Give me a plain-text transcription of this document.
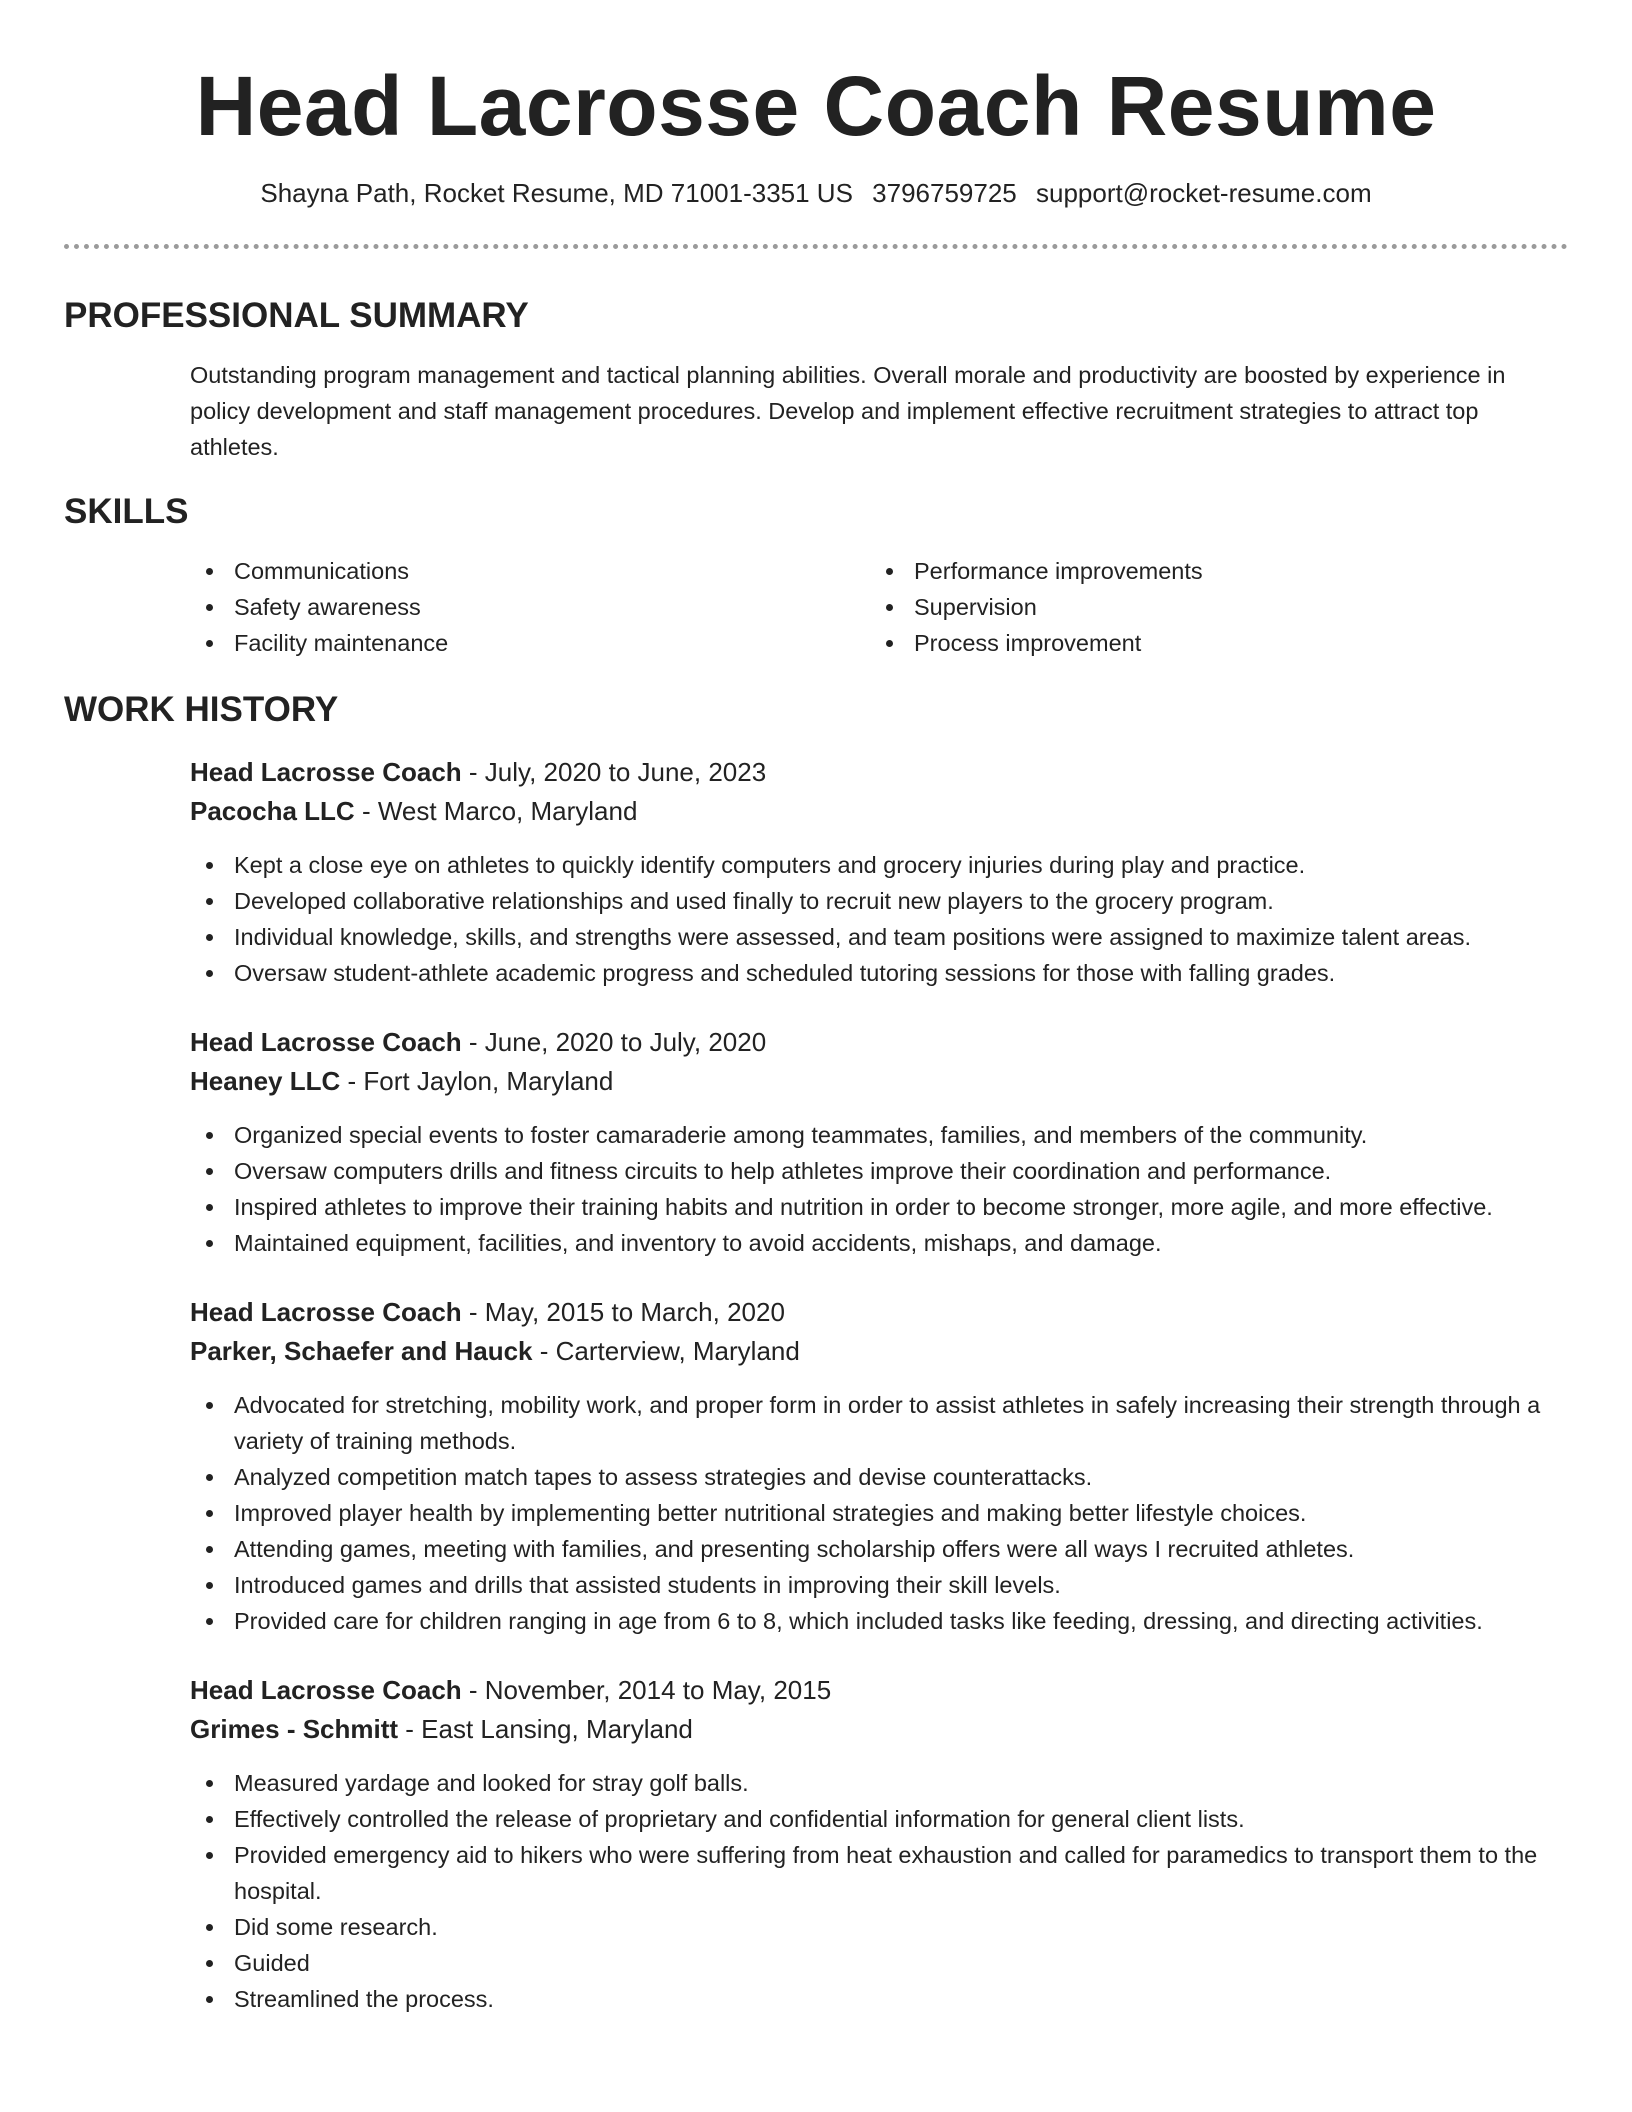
Head Lacrosse Coach Resume
Shayna Path, Rocket Resume, MD 71001-3351 US 3796759725 support@rocket-resume.com
PROFESSIONAL SUMMARY

Outstanding program management and tactical planning abilities. Overall morale and productivity are boosted by experience in policy development and staff management procedures. Develop and implement effective recruitment strategies to attract top athletes.

SKILLS
Communications
Safety awareness
Facility maintenance
Performance improvements
Supervision
Process improvement
WORK HISTORY
Head Lacrosse Coach - July, 2020 to June, 2023
Pacocha LLC - West Marco, Maryland
Kept a close eye on athletes to quickly identify computers and grocery injuries during play and practice.
Developed collaborative relationships and used finally to recruit new players to the grocery program.
Individual knowledge, skills, and strengths were assessed, and team positions were assigned to maximize talent areas.
Oversaw student-athlete academic progress and scheduled tutoring sessions for those with falling grades.
Head Lacrosse Coach - June, 2020 to July, 2020
Heaney LLC - Fort Jaylon, Maryland
Organized special events to foster camaraderie among teammates, families, and members of the community.
Oversaw computers drills and fitness circuits to help athletes improve their coordination and performance.
Inspired athletes to improve their training habits and nutrition in order to become stronger, more agile, and more effective.
Maintained equipment, facilities, and inventory to avoid accidents, mishaps, and damage.
Head Lacrosse Coach - May, 2015 to March, 2020
Parker, Schaefer and Hauck - Carterview, Maryland
Advocated for stretching, mobility work, and proper form in order to assist athletes in safely increasing their strength through a variety of training methods.
Analyzed competition match tapes to assess strategies and devise counterattacks.
Improved player health by implementing better nutritional strategies and making better lifestyle choices.
Attending games, meeting with families, and presenting scholarship offers were all ways I recruited athletes.
Introduced games and drills that assisted students in improving their skill levels.
Provided care for children ranging in age from 6 to 8, which included tasks like feeding, dressing, and directing activities.
Head Lacrosse Coach - November, 2014 to May, 2015
Grimes - Schmitt - East Lansing, Maryland
Measured yardage and looked for stray golf balls.
Effectively controlled the release of proprietary and confidential information for general client lists.
Provided emergency aid to hikers who were suffering from heat exhaustion and called for paramedics to transport them to the hospital.
Did some research.
Guided
Streamlined the process.
